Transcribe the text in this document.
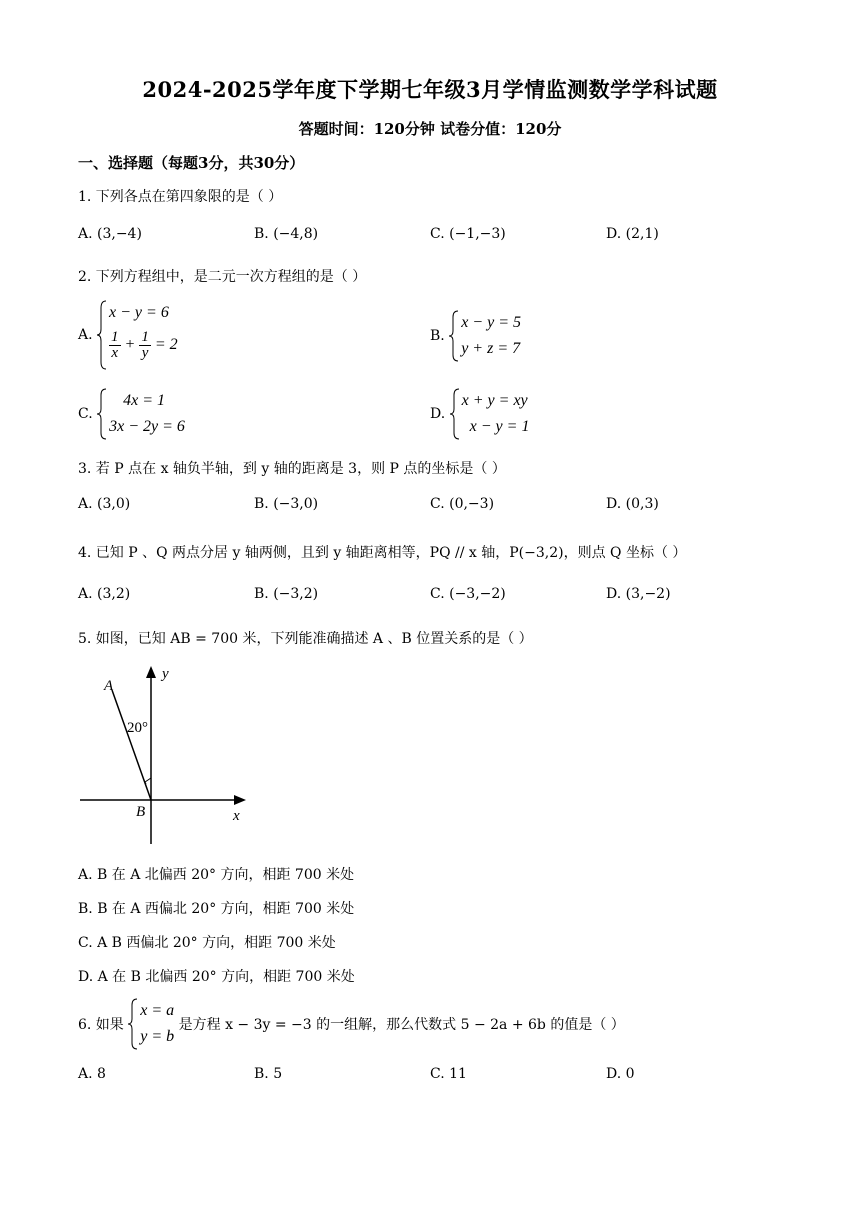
2024-2025学年度下学期七年级3月学情监测数学学科试题
答题时间：120分钟 试卷分值：120分
一、选择题（每题3分，共30分）
1. 下列各点在第四象限的是（ ）
A. (3,−4)	B. (−4,8)	C. (−1,−3)	D. (2,1)
2. 下列方程组中，是二元一次方程组的是（ ）
A.
x − y = 6
$\frac{1}{x} + \frac{1}{y} = 2$
B.
x − y = 5
y + z = 7
C.
4x = 1
3x − 2y = 6
D.
x + y = xy
x − y = 1
3. 若 P 点在 x 轴负半轴，到 y 轴的距离是 3，则 P 点的坐标是（ ）
A. (3,0)	B. (−3,0)	C. (0,−3)	D. (0,3)
4. 已知 P 、Q 两点分居 y 轴两侧，且到 y 轴距离相等，PQ // x 轴，P(−3,2)，则点 Q 坐标（ ）
A. (3,2)	B. (−3,2)	C. (−3,−2)	D. (3,−2)
5. 如图，已知 AB = 700 米，下列能准确描述 A 、B 位置关系的是（ ）
A
B	x
y
20°
A. B 在 A 北偏西 20° 方向，相距 700 米处
B. B 在 A 西偏北 20° 方向，相距 700 米处
C. A B 西偏北 20° 方向，相距 700 米处
D. A 在 B 北偏西 20° 方向，相距 700 米处
6. 如果
x = a
y = b
是方程 x − 3y = −3 的一组解，那么代数式 5 − 2a + 6b 的值是（ ）
A. 8	B. 5	C. 11	D. 0
